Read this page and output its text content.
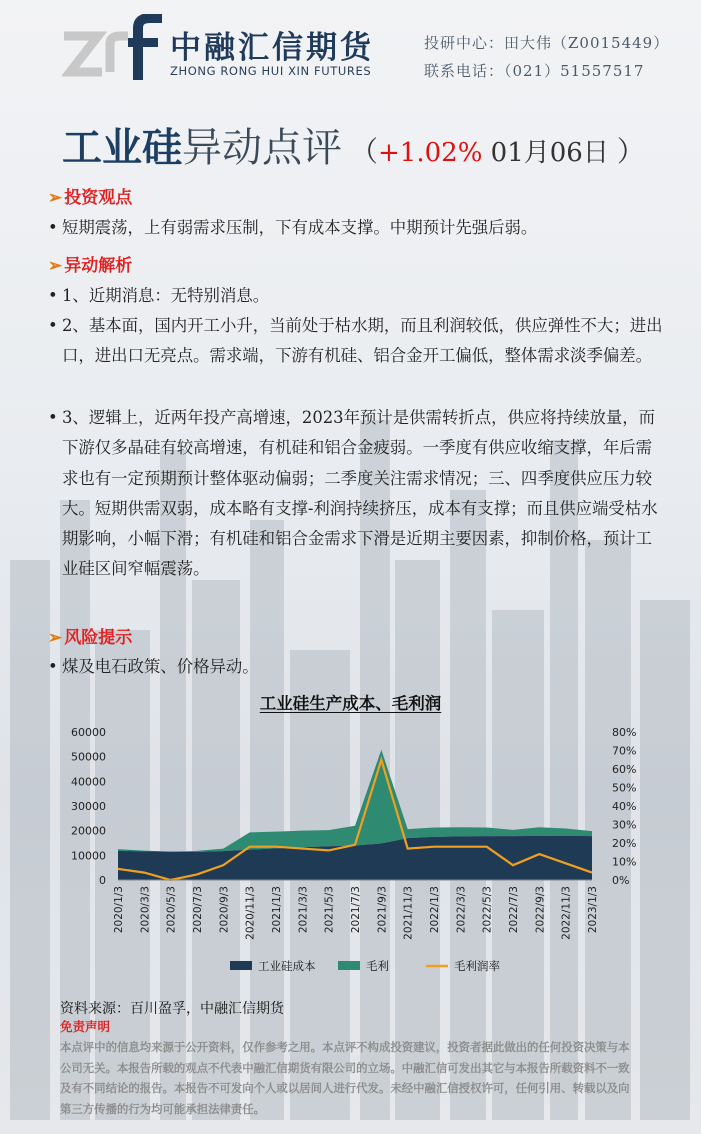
中融汇信期货
ZHONG RONG HUI XIN FUTURES
投研中心：田大伟（Z0015449）
联系电话：（021）51557517
工业硅异动点评 （+1.02% 01月06日 ）
➢ 投资观点
• 短期震荡，上有弱需求压制，下有成本支撑。中期预计先强后弱。
➢ 异动解析
• 1、近期消息：无特别消息。
• 2、基本面，国内开工小升，当前处于枯水期，而且利润较低，供应弹性不大；进出口，进出口无亮点。需求端，下游有机硅、铝合金开工偏低，整体需求淡季偏差。
• 3、逻辑上，近两年投产高增速，2023年预计是供需转折点，供应将持续放量，而下游仅多晶硅有较高增速，有机硅和铝合金疲弱。一季度有供应收缩支撑，年后需求也有一定预期预计整体驱动偏弱；二季度关注需求情况；三、四季度供应压力较大。短期供需双弱，成本略有支撑-利润持续挤压，成本有支撑；而且供应端受枯水期影响，小幅下滑；有机硅和铝合金需求下滑是近期主要因素，抑制价格，预计工业硅区间窄幅震荡。
➢ 风险提示
• 煤及电石政策、价格异动。
工业硅生产成本、毛利润
0
10000
20000
30000
40000
50000
60000
0%
10%
20%
30%
40%
50%
60%
70%
80%
2020/1/3 2020/3/3 2020/5/3 2020/7/3 2020/9/3 2020/11/3 2021/1/3 2021/3/3 2021/5/3 2021/7/3 2021/9/3 2021/11/3 2022/1/3 2022/3/3 2022/5/3 2022/7/3 2022/9/3 2022/11/3 2023/1/3
工业硅成本	毛利	毛利润率
资料来源：百川盈孚，中融汇信期货
免责声明
本点评中的信息均来源于公开资料，仅作参考之用。本点评不构成投资建议，投资者据此做出的任何投资决策与本公司无关。本报告所载的观点不代表中融汇信期货有限公司的立场。中融汇信可发出其它与本报告所载资料不一致及有不同结论的报告。本报告不可发向个人或以居间人进行代发。未经中融汇信授权许可，任何引用、转载以及向第三方传播的行为均可能承担法律责任。
